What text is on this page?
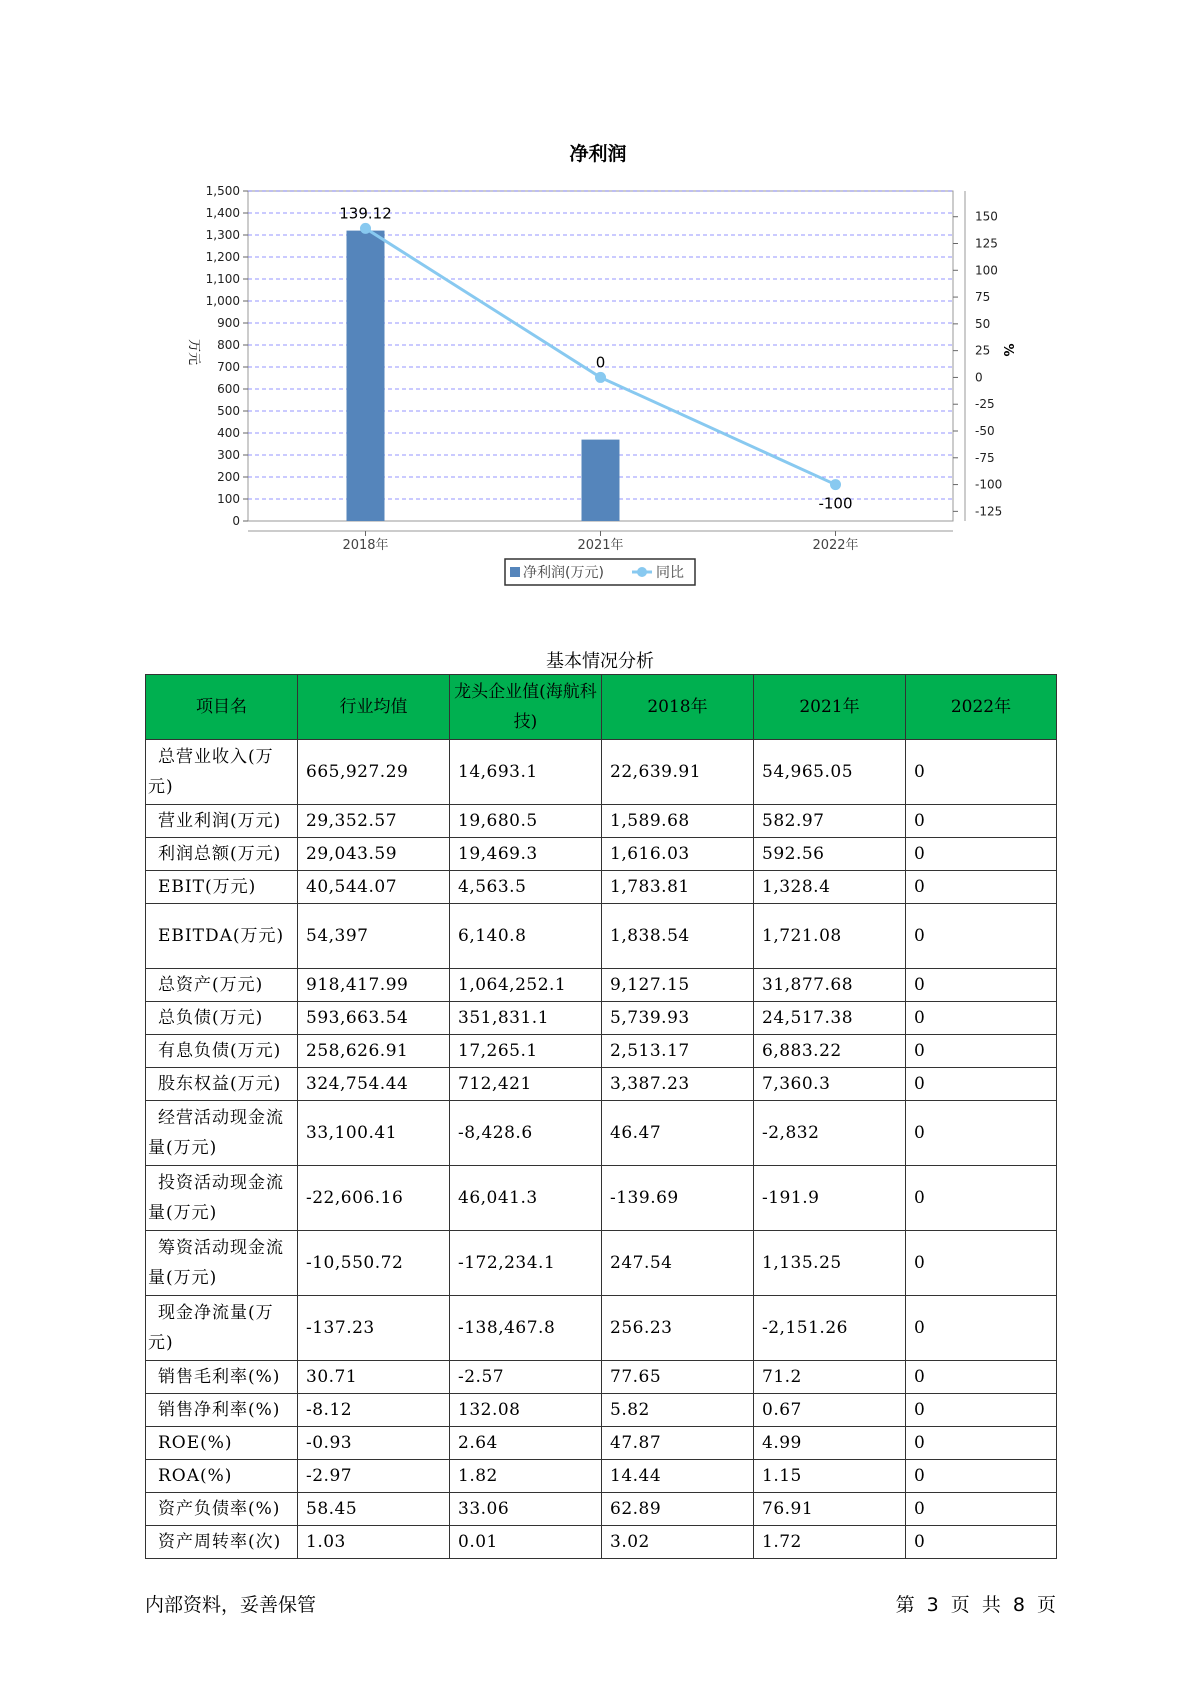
净利润
139.12
0
-100
0
100
200
300
400
500
600
700
800
900
1,000
1,100
1,200
1,300
1,400
1,500
-125
-100
-75
-50
-25
0
25
50
75
100
125
150
2018年	2021年	2022年
万元	%
净利润(万元)	同比
基本情况分析
项目名	行业均值	龙头企业值(海航科技)	2018年	2021年	2022年
总营业收入(万元)	665,927.29	14,693.1	22,639.91	54,965.05	0
营业利润(万元)	29,352.57	19,680.5	1,589.68	582.97	0
利润总额(万元)	29,043.59	19,469.3	1,616.03	592.56	0
EBIT(万元)	40,544.07	4,563.5	1,783.81	1,328.4	0
EBITDA(万元)	54,397	6,140.8	1,838.54	1,721.08	0
总资产(万元)	918,417.99	1,064,252.1	9,127.15	31,877.68	0
总负债(万元)	593,663.54	351,831.1	5,739.93	24,517.38	0
有息负债(万元)	258,626.91	17,265.1	2,513.17	6,883.22	0
股东权益(万元)	324,754.44	712,421	3,387.23	7,360.3	0
经营活动现金流量(万元)	33,100.41	-8,428.6	46.47	-2,832	0
投资活动现金流量(万元)	-22,606.16	46,041.3	-139.69	-191.9	0
筹资活动现金流量(万元)	-10,550.72	-172,234.1	247.54	1,135.25	0
现金净流量(万元)	-137.23	-138,467.8	256.23	-2,151.26	0
销售毛利率(%)	30.71	-2.57	77.65	71.2	0
销售净利率(%)	-8.12	132.08	5.82	0.67	0
ROE(%)	-0.93	2.64	47.87	4.99	0
ROA(%)	-2.97	1.82	14.44	1.15	0
资产负债率(%)	58.45	33.06	62.89	76.91	0
资产周转率(次)	1.03	0.01	3.02	1.72	0
内部资料，妥善保管	第 3 页 共 8 页
